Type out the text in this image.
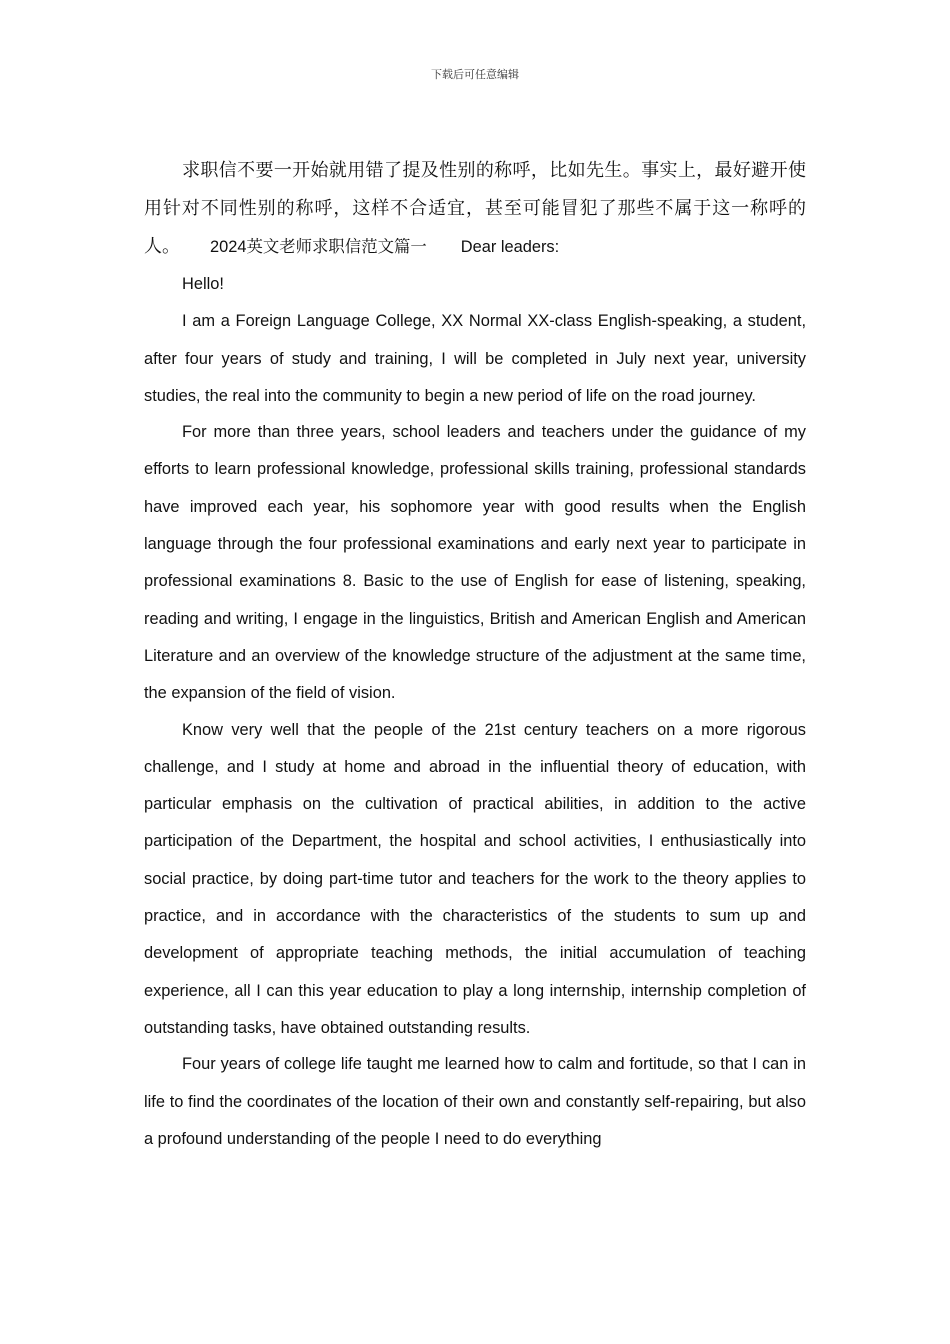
下载后可任意编辑

求职信不要一开始就用错了提及性别的称呼，比如先生。事实上，最好避开使用针对不同性别的称呼，这样不合适宜，甚至可能冒犯了那些不属于这一称呼的人。 2024英文老师求职信范文篇一 Dear leaders:

Hello!

I am a Foreign Language College, XX Normal XX-class English-speaking, a student, after four years of study and training, I will be completed in July next year, university studies, the real into the community to begin a new period of life on the road journey.

For more than three years, school leaders and teachers under the guidance of my efforts to learn professional knowledge, professional skills training, professional standards have improved each year, his sophomore year with good results when the English language through the four professional examinations and early next year to participate in professional examinations 8. Basic to the use of English for ease of listening, speaking, reading and writing, I engage in the linguistics, British and American English and American Literature and an overview of the knowledge structure of the adjustment at the same time, the expansion of the field of vision.

Know very well that the people of the 21st century teachers on a more rigorous challenge, and I study at home and abroad in the influential theory of education, with particular emphasis on the cultivation of practical abilities, in addition to the active participation of the Department, the hospital and school activities, I enthusiastically into social practice, by doing part-time tutor and teachers for the work to the theory applies to practice, and in accordance with the characteristics of the students to sum up and development of appropriate teaching methods, the initial accumulation of teaching experience, all I can this year education to play a long internship, internship completion of outstanding tasks, have obtained outstanding results.

Four years of college life taught me learned how to calm and fortitude, so that I can in life to find the coordinates of the location of their own and constantly self-repairing, but also a profound understanding of the people I need to do everything
